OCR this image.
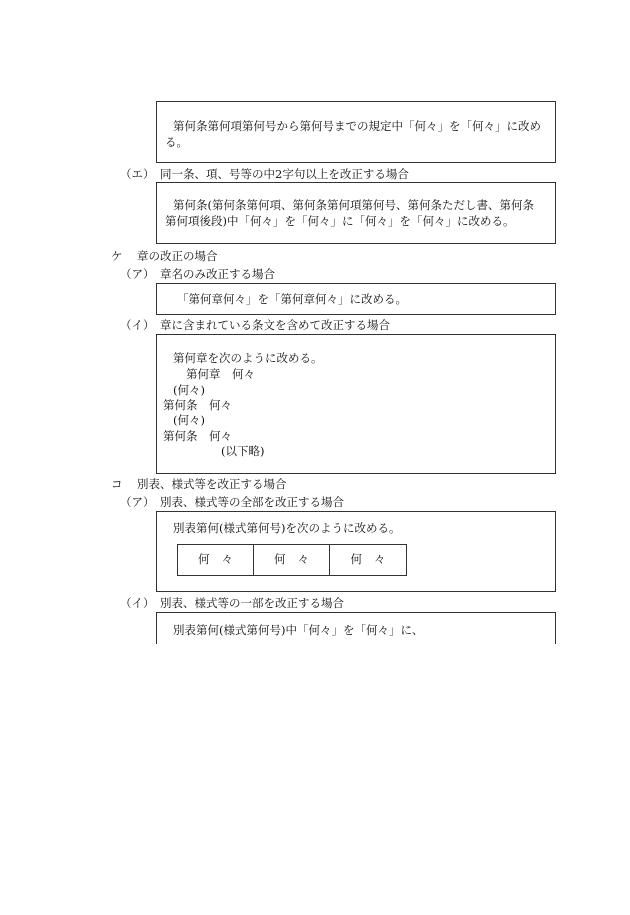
第何条第何項第何号から第何号までの規定中「何々」を「何々」に改め
る。
（エ） 同一条、項、号等の中2字句以上を改正する場合
第何条(第何条第何項、第何条第何項第何号、第何条ただし書、第何条
第何項後段)中「何々」を「何々」に「何々」を「何々」に改める。
ケ 章の改正の場合
（ア） 章名のみ改正する場合
「第何章何々」を「第何章何々」に改める。
（イ） 章に含まれている条文を含めて改正する場合
第何章を次のように改める。
第何章　何々
(何々)
第何条　何々
(何々)
第何条　何々
(以下略)
コ 別表、様式等を改正する場合
（ア） 別表、様式等の全部を改正する場合
別表第何(様式第何号)を次のように改める。
何々	何々	何々
（イ） 別表、様式等の一部を改正する場合
別表第何(様式第何号)中「何々」を「何々」に、
